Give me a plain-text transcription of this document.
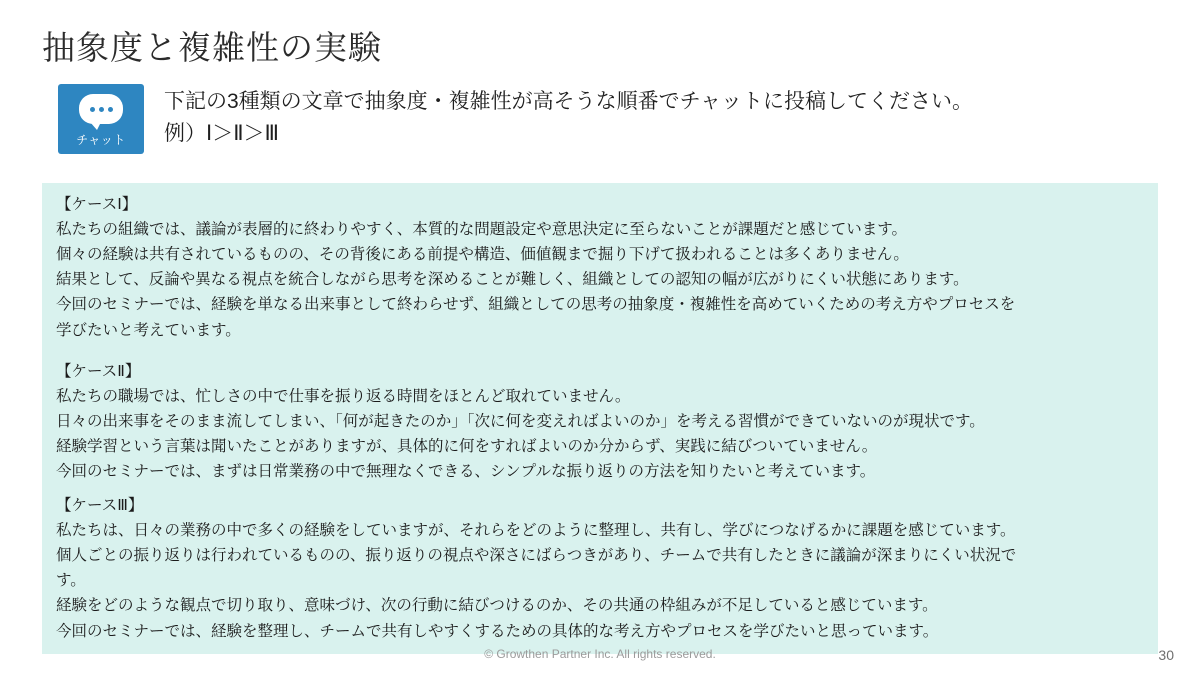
抽象度と複雑性の実験
チャット
下記の3種類の文章で抽象度・複雑性が高そうな順番でチャットに投稿してください。
例）Ⅰ＞Ⅱ＞Ⅲ
【ケースⅠ】
私たちの組織では、議論が表層的に終わりやすく、本質的な問題設定や意思決定に至らないことが課題だと感じています。
個々の経験は共有されているものの、その背後にある前提や構造、価値観まで掘り下げて扱われることは多くありません。
結果として、反論や異なる視点を統合しながら思考を深めることが難しく、組織としての認知の幅が広がりにくい状態にあります。
今回のセミナーでは、経験を単なる出来事として終わらせず、組織としての思考の抽象度・複雑性を高めていくための考え方やプロセスを
学びたいと考えています。
【ケースⅡ】
私たちの職場では、忙しさの中で仕事を振り返る時間をほとんど取れていません。
日々の出来事をそのまま流してしまい、「何が起きたのか」「次に何を変えればよいのか」を考える習慣ができていないのが現状です。
経験学習という言葉は聞いたことがありますが、具体的に何をすればよいのか分からず、実践に結びついていません。
今回のセミナーでは、まずは日常業務の中で無理なくできる、シンプルな振り返りの方法を知りたいと考えています。
【ケースⅢ】
私たちは、日々の業務の中で多くの経験をしていますが、それらをどのように整理し、共有し、学びにつなげるかに課題を感じています。
個人ごとの振り返りは行われているものの、振り返りの視点や深さにばらつきがあり、チームで共有したときに議論が深まりにくい状況で
す。
経験をどのような観点で切り取り、意味づけ、次の行動に結びつけるのか、その共通の枠組みが不足していると感じています。
今回のセミナーでは、経験を整理し、チームで共有しやすくするための具体的な考え方やプロセスを学びたいと思っています。
© Growthen Partner Inc. All rights reserved.	30
